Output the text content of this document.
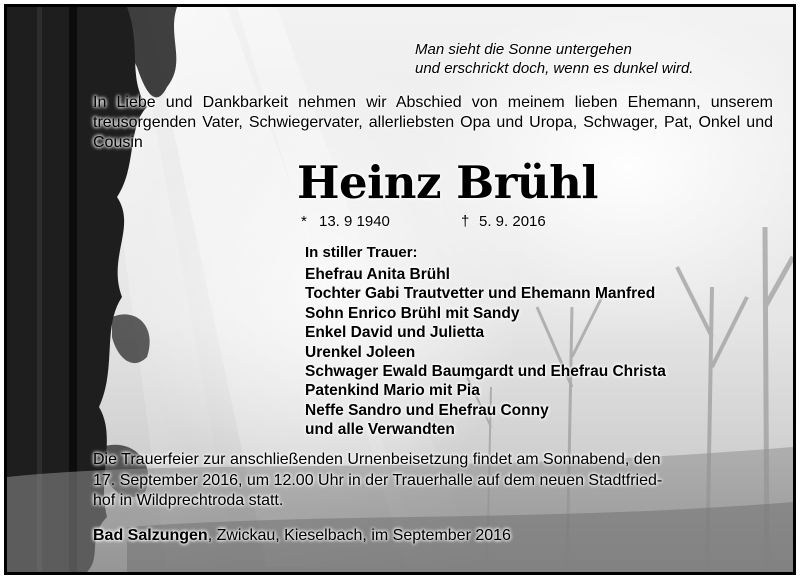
Man sieht die Sonne untergehen
und erschrickt doch, wenn es dunkel wird.
In Liebe und Dankbarkeit nehmen wir Abschied von meinem lieben Ehemann, unserem treusorgenden Vater, Schwiegervater, allerliebsten Opa und Uropa, Schwager, Pat, Onkel und Cousin
Heinz Brühl
* 13. 9 1940	† 5. 9. 2016
In stiller Trauer:
Ehefrau Anita Brühl
Tochter Gabi Trautvetter und Ehemann Manfred
Sohn Enrico Brühl mit Sandy
Enkel David und Julietta
Urenkel Joleen
Schwager Ewald Baumgardt und Ehefrau Christa
Patenkind Mario mit Pia
Neffe Sandro und Ehefrau Conny
und alle Verwandten
Die Trauerfeier zur anschließenden Urnenbeisetzung findet am Sonnabend, den
17. September 2016, um 12.00 Uhr in der Trauerhalle auf dem neuen Stadtfried-
hof in Wildprechtroda statt.
Bad Salzungen, Zwickau, Kieselbach, im September 2016
